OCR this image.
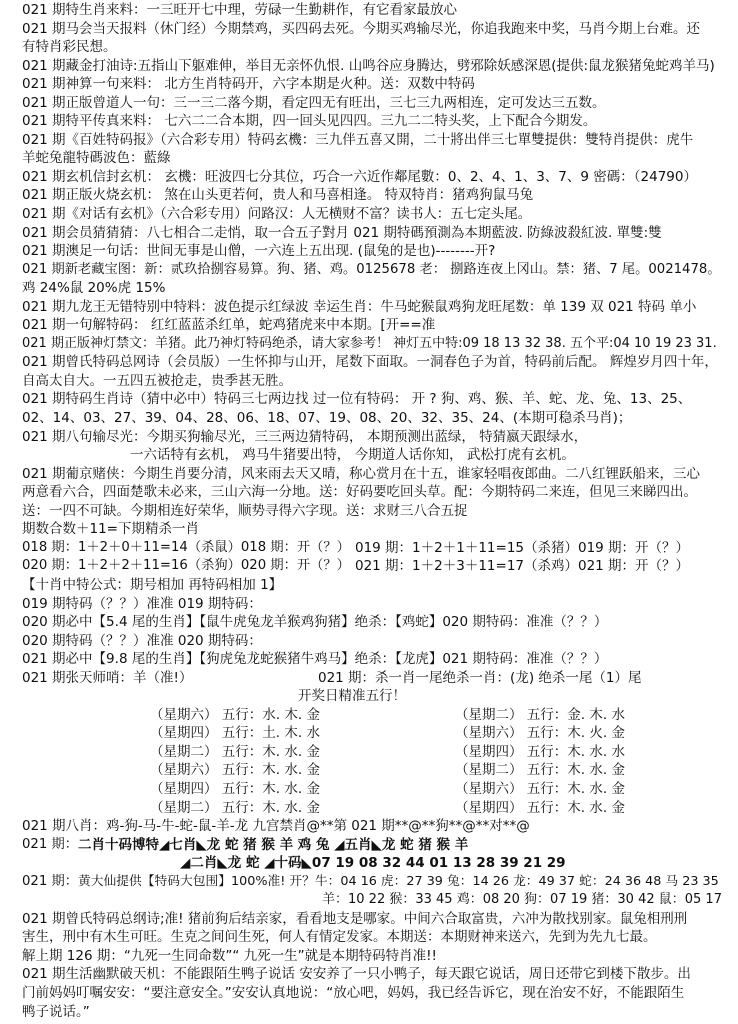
021 期特生肖来料：一三旺开七中理，劳碌一生勤耕作，有它看家最放心
021 期马会当天报料（休门经）今期禁鸡，买四码去死。今期买鸡输尽光，你追我跑来中奖，马肖今期上台难。还
有特肖彩民想。
021 期藏金打油诗:五指山下躯难伸，举目无亲怀仇恨. 山鸣谷应身腾达，劈邪除妖感深恩(提供:鼠龙猴猪兔蛇鸡羊马)
021 期神算一句来料： 北方生肖特码开，六字本期是火种。送：双数中特码
021 期正版曾道人一句：三一三二落今期，看定四无有旺出，三七三九两相连，定可发达三五数。
021 期特平传真来料： 七六二二合本期，四一回头见四四。三九二二特头奖，上下配合今期发。
021 期《百姓特码报》（六合彩专用）特码玄機：三九伴五喜又開，二十將出伴三七單雙提供：雙特肖提供：虎牛
羊蛇兔龍特碼波色：藍綠
021 期玄机信封玄机： 玄機：旺波四七分其位，巧合一六近作鄰尾數：0、2、4、1、3、7、9 密碼：（24790）
021 期正版火烧玄机： 煞在山头更若何，贵人和马喜相逢。 特双特肖：猪鸡狗鼠马兔
021 期《对话有玄机》（六合彩专用）问路汉：人无横财不富？读书人：五七定头尾。
021 期会员猜猜猜：八七相合二走悄，取一合五子對月 021 期特碼預測為本期藍波. 防綠波殺紅波. 單雙:雙
021 期澳足一句话：世间无事是山僧，一六连上五出现. (鼠兔的是也)--------开?
021 期新老藏宝图：新：贰玖拾捌容易算。狗、猪、鸡。0125678 老： 捌路连夜上冈山。禁：猪、7 尾。0021478。
鸡 24%鼠 20%虎 15%
021 期九龙王无错特别中特料：波色提示红绿波 幸运生肖：牛马蛇猴鼠鸡狗龙旺尾数：单 139 双 021 特码 单小
021 期一句解特码： 红红蓝蓝杀红单，蛇鸡猪虎来中本期。[开==准
021 期正版神灯禁文：羊猪。此乃神灯特码绝杀，请大家参考！ 神灯五中特:09 18 13 32 38. 五个平:04 10 19 23 31.
021 期曾氏特码总网诗（会员版）一生怀抑与山开，尾数下面取。一洞春色子为首，特码前后配。 辉煌岁月四十年，
自高太自大。一五四五被抢走，贵季甚无胜。
021 期特码生肖诗（猜中必中）特码三七两边找 过一位有特码： 开 ? 狗、鸡、猴、羊、蛇、龙、兔、13、25、
02、14、03、27、39、04、28、06、18、07、19、08、20、32、35、24、(本期可稳杀马肖)；
021 期八句输尽光：今期买狗输尽光，三三两边猜特码， 本期预测出蓝绿， 特猜嬴天跟绿水，
一六话特有玄机， 鸡马牛猪要出特， 今期道人话你知， 武松打虎有玄机。
021 期葡京赌侠：今期生肖要分清，风来雨去天又晴，称心赏月在十五，谁家轻唱夜郎曲。二八红锂跃船来，三心
两意看六合，四面楚歌未必来，三山六海一分地。送：好码要吃回头草。配：今期特码二来连，但见三来睇四出。
送：一四不可缺。今期相连好荣华，顺势寻得六字现。送：求财三八合五捉
期数合数＋11=下期精杀一肖
018 期：1＋2＋0＋11=14（杀鼠）018 期：开（？） 019 期：1＋2＋1＋11=15（杀猪）019 期：开（？）
020 期：1＋2＋2＋11=16（杀狗）020 期：开（？） 021 期：1＋2＋3＋11=17（杀鸡）021 期：开（？）
【十肖中特公式：期号相加 再特码相加 1】
019 期特码（？？）准准 019 期特码：
020 期必中【5.4 尾的生肖】【鼠牛虎兔龙羊猴鸡狗猪】绝杀：【鸡蛇】020 期特码：准准（？？）
020 期特码（？？）准准 020 期特码：
021 期必中【9.8 尾的生肖】【狗虎兔龙蛇猴猪牛鸡马】绝杀：【龙虎】021 期特码：准准（？？）
021 期张天师哨：羊（准!）	021 期：杀一肖一尾绝杀一肖：(龙) 绝杀一尾（1）尾
开奖日精准五行！
（星期六） 五行：水. 木. 金	（星期二） 五行：金. 木. 水
（星期四） 五行：土. 木. 水	（星期六） 五行：木. 火. 金
（星期二） 五行：木. 水. 金	（星期四） 五行：木. 水. 水
（星期六） 五行：木. 水. 金	（星期二） 五行：木. 水. 金
（星期四） 五行：木. 水. 金	（星期六） 五行：木. 水. 金
（星期二） 五行：木. 水. 金	（星期四） 五行：木. 水. 金
021 期八肖：鸡-狗-马-牛-蛇-鼠-羊-龙 九宫禁肖@**第 021 期**@**狗**@**对**@
021 期： 二肖十码博特◢七肖◣龙 蛇 猪 猴 羊 鸡 兔 ◢五肖◣龙 蛇 猪 猴 羊
◢二肖◣龙 蛇 ◢十码◣07 19 08 32 44 01 13 28 39 21 29
021 期： 黄大仙提供【特码大包围】100%准! 开？牛：04 16 虎：27 39 兔：14 26 龙：49 37 蛇：24 36 48 马 23 35
羊：10 22 猴：33 45 鸡：08 20 狗：07 19 猪：30 42 鼠：05 17
021 期曾氏特码总纲诗;准! 猪前狗后结亲家，看看地支是哪家。中间六合取富贵，六冲为散找别家。鼠兔相刑刑
害生，刑中有木生可旺。生克之间问生死，何人有情定发家。本期送：本期财神来送六，先到为先九七最。
解上期 126 期：“九死一生同命数”“ 九死一生”就是本期特码特肖准!!
021 期生活幽默破天机：不能跟陌生鸭子说话 安安养了一只小鸭子，每天跟它说话，周日还带它到楼下散步。出
门前妈妈叮嘱安安：“要注意安全。”安安认真地说：“放心吧，妈妈，我已经告诉它，现在治安不好，不能跟陌生
鸭子说话。”
